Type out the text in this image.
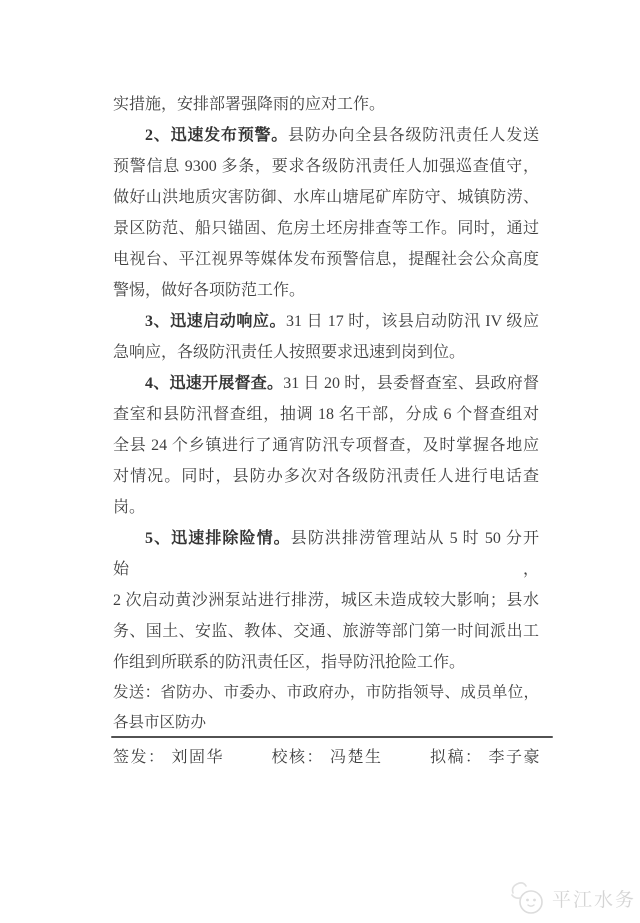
实措施，安排部署强降雨的应对工作。
2、迅速发布预警。县防办向全县各级防汛责任人发送
预警信息 9300 多条，要求各级防汛责任人加强巡查值守，
做好山洪地质灾害防御、水库山塘尾矿库防守、城镇防涝、
景区防范、船只锚固、危房土坯房排查等工作。同时，通过
电视台、平江视界等媒体发布预警信息，提醒社会公众高度
警惕，做好各项防范工作。
3、迅速启动响应。31 日 17 时，该县启动防汛 IV 级应
急响应，各级防汛责任人按照要求迅速到岗到位。
4、迅速开展督查。31 日 20 时，县委督查室、县政府督
查室和县防汛督查组，抽调 18 名干部，分成 6 个督查组对
全县 24 个乡镇进行了通宵防汛专项督查，及时掌握各地应
对情况。同时，县防办多次对各级防汛责任人进行电话查岗。
5、迅速排除险情。县防洪排涝管理站从 5 时 50 分开始，
2 次启动黄沙洲泵站进行排涝，城区未造成较大影响；县水
务、国土、安监、教体、交通、旅游等部门第一时间派出工
作组到所联系的防汛责任区，指导防汛抢险工作。
发送：省防办、市委办、市政府办，市防指领导、成员单位，
各县市区防办
签发： 刘固华	校核： 冯楚生	拟稿： 李子豪
平江水务
